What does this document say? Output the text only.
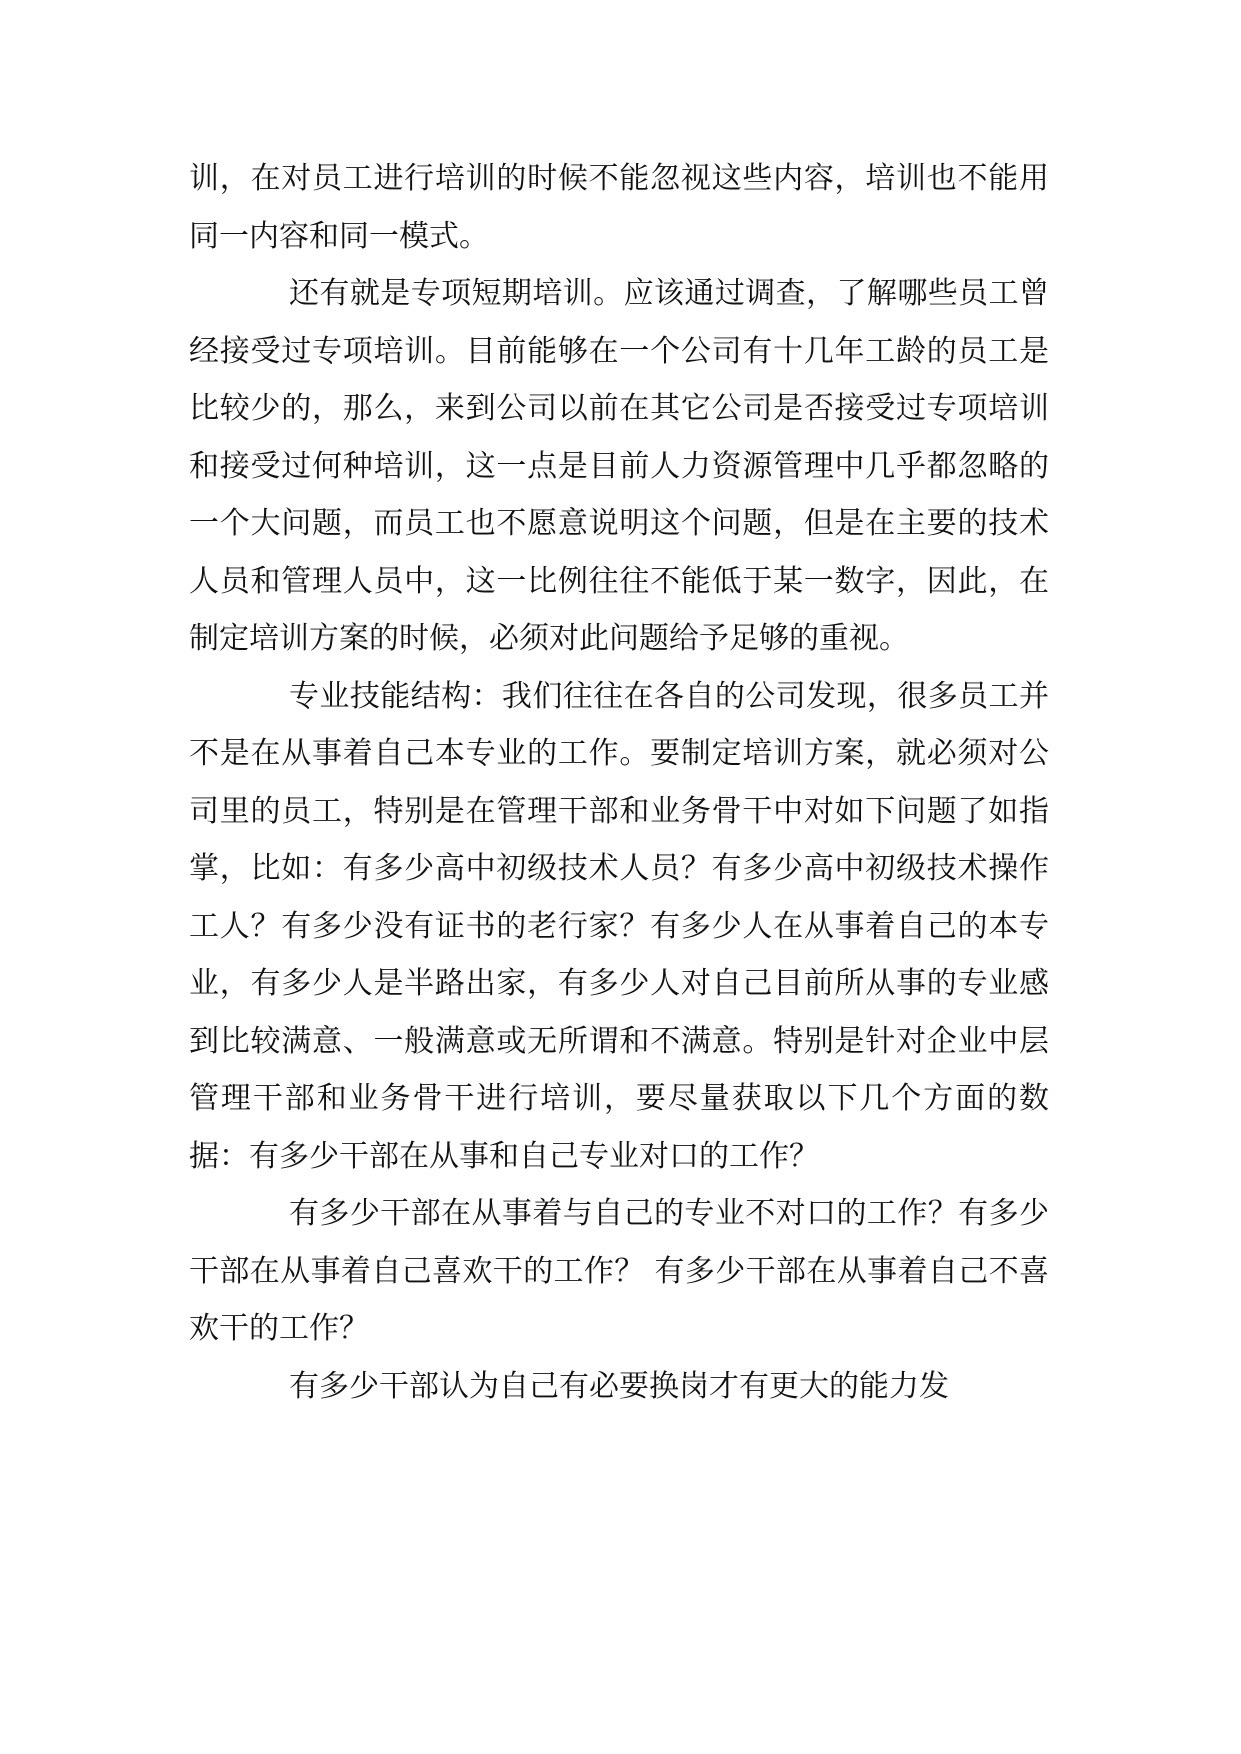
训，在对员工进行培训的时候不能忽视这些内容，培训也不能用同一内容和同一模式。

还有就是专项短期培训。应该通过调查，了解哪些员工曾经接受过专项培训。目前能够在一个公司有十几年工龄的员工是比较少的，那么，来到公司以前在其它公司是否接受过专项培训和接受过何种培训，这一点是目前人力资源管理中几乎都忽略的一个大问题，而员工也不愿意说明这个问题，但是在主要的技术人员和管理人员中，这一比例往往不能低于某一数字，因此，在制定培训方案的时候，必须对此问题给予足够的重视。

专业技能结构：我们往往在各自的公司发现，很多员工并不是在从事着自己本专业的工作。要制定培训方案，就必须对公司里的员工，特别是在管理干部和业务骨干中对如下问题了如指掌，比如：有多少高中初级技术人员？有多少高中初级技术操作工人？有多少没有证书的老行家？有多少人在从事着自己的本专业，有多少人是半路出家，有多少人对自己目前所从事的专业感到比较满意、一般满意或无所谓和不满意。特别是针对企业中层管理干部和业务骨干进行培训，要尽量获取以下几个方面的数据：有多少干部在从事和自己专业对口的工作？

有多少干部在从事着与自己的专业不对口的工作？有多少干部在从事着自己喜欢干的工作？ 有多少干部在从事着自己不喜欢干的工作？

有多少干部认为自己有必要换岗才有更大的能力发
